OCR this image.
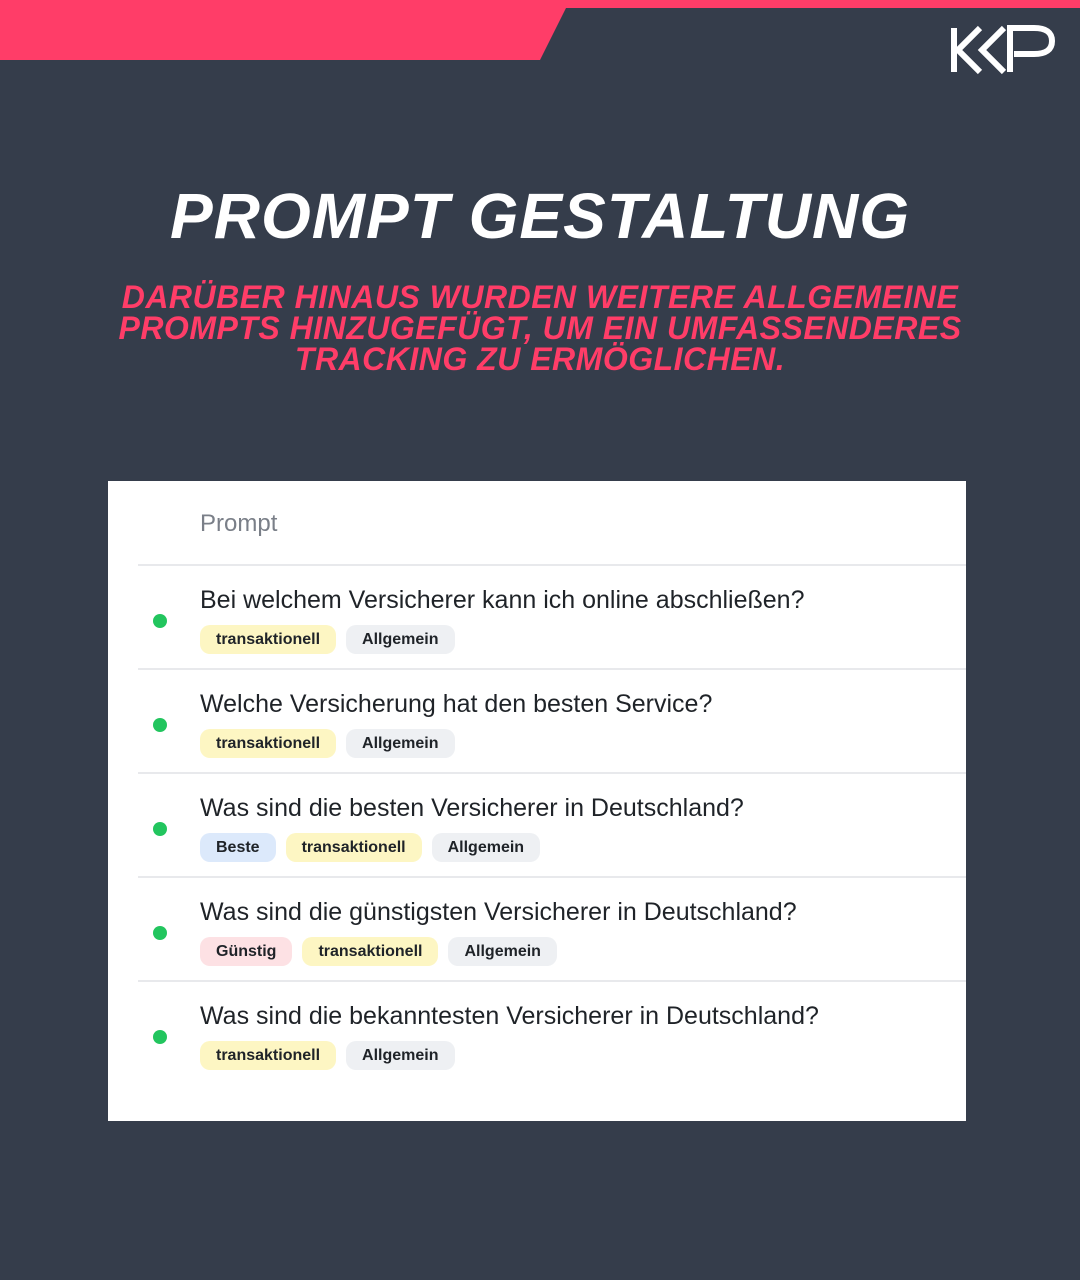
PROMPT GESTALTUNG

DARÜBER HINAUS WURDEN WEITERE ALLGEMEINE PROMPTS HINZUGEFÜGT, UM EIN UMFASSENDERES TRACKING ZU ERMÖGLICHEN.

Prompt
Bei welchem Versicherer kann ich online abschließen?
transaktionell	Allgemein
Welche Versicherung hat den besten Service?
transaktionell	Allgemein
Was sind die besten Versicherer in Deutschland?
Beste	transaktionell	Allgemein
Was sind die günstigsten Versicherer in Deutschland?
Günstig	transaktionell	Allgemein
Was sind die bekanntesten Versicherer in Deutschland?
transaktionell	Allgemein
